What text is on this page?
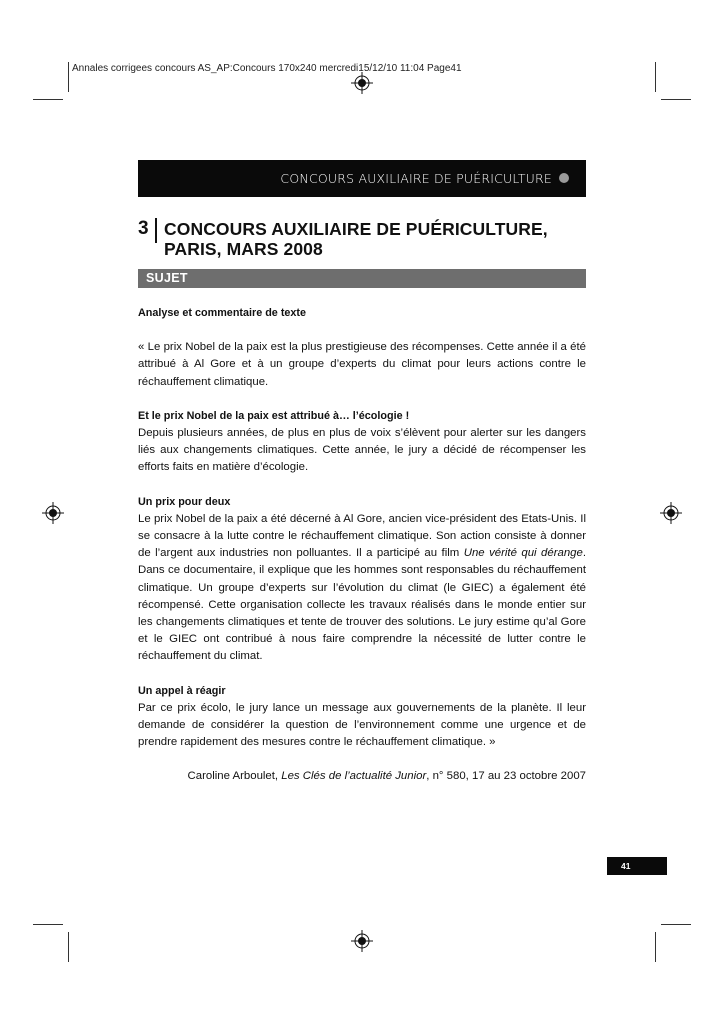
Annales corrigees concours AS_AP:Concours 170x240 mercredi15/12/10 11:04 Page41
CONCOURS AUXILIAIRE DE PUÉRICULTURE
3 CONCOURS AUXILIAIRE DE PUÉRICULTURE,
PARIS, MARS 2008
SUJET

Analyse et commentaire de texte

« Le prix Nobel de la paix est la plus prestigieuse des récompenses. Cette année il a été attribué à Al Gore et à un groupe d’experts du climat pour leurs actions contre le réchauffement climatique.

Et le prix Nobel de la paix est attribué à… l’écologie !

Depuis plusieurs années, de plus en plus de voix s’élèvent pour alerter sur les dangers liés aux changements climatiques. Cette année, le jury a décidé de récompenser les efforts faits en matière d’écologie.

Un prix pour deux

Le prix Nobel de la paix a été décerné à Al Gore, ancien vice-président des Etats-Unis. Il se consacre à la lutte contre le réchauffement climatique. Son action consiste à donner de l’argent aux industries non polluantes. Il a participé au film Une vérité qui dérange. Dans ce documentaire, il explique que les hommes sont responsables du réchauffement climatique. Un groupe d’experts sur l’évolution du climat (le GIEC) a également été récompensé. Cette organisation collecte les travaux réalisés dans le monde entier sur les changements climatiques et tente de trouver des solutions. Le jury estime qu’al Gore et le GIEC ont contribué à nous faire comprendre la nécessité de lutter contre le réchauffement du climat.

Un appel à réagir

Par ce prix écolo, le jury lance un message aux gouvernements de la planète. Il leur demande de considérer la question de l’environnement comme une urgence et de prendre rapidement des mesures contre le réchauffement climatique. »

Caroline Arboulet, Les Clés de l’actualité Junior, n° 580, 17 au 23 octobre 2007

41
